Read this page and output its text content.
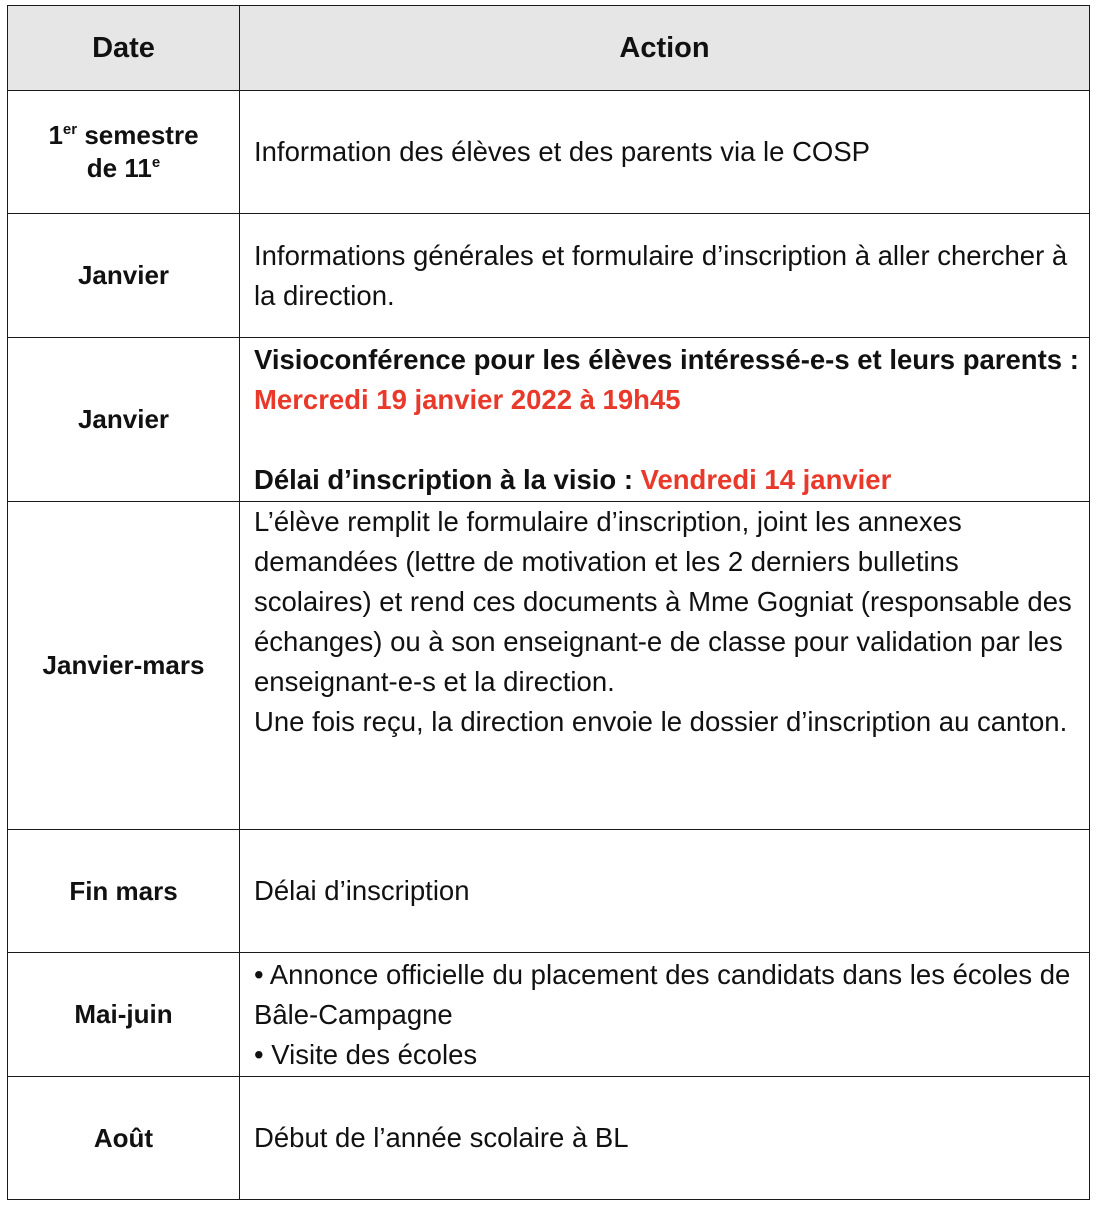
Date	Action
1er semestre
de 11e	Information des élèves et des parents via le COSP
Janvier	Informations générales et formulaire d’inscription à aller chercher à la direction.
Janvier	Visioconférence pour les élèves intéressé-e-s et leurs parents : Mercredi 19 janvier 2022 à 19h45
Délai d’inscription à la visio : Vendredi 14 janvier

Janvier-mars	L’élève remplit le formulaire d’inscription, joint les annexes demandées (lettre de motivation et les 2 derniers bulletins scolaires) et rend ces documents à Mme Gogniat (responsable des échanges) ou à son enseignant-e de classe pour validation par les enseignant-e-s et la direction.
Une fois reçu, la direction envoie le dossier d’inscription au canton.

Fin mars	Délai d’inscription
Mai-juin	• Annonce officielle du placement des candidats dans les écoles de Bâle-Campagne
• Visite des écoles

Août	Début de l’année scolaire à BL
